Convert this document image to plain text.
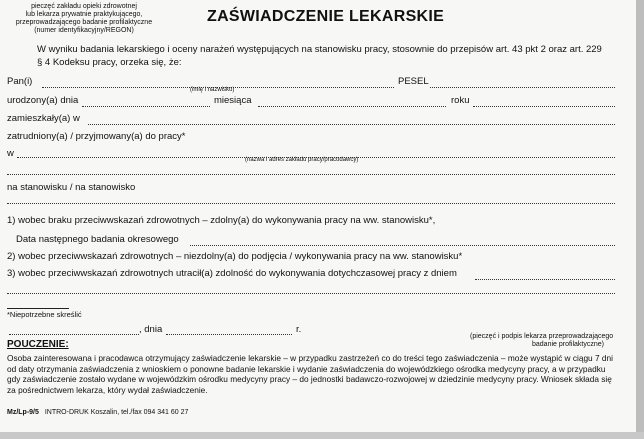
pieczęć zakładu opieki zdrowotnej
lub lekarza prywatnie praktykującego,
przeprowadzającego badanie profilaktyczne
(numer identyfikacyjny/REGON)
ZAŚWIADCZENIE LEKARSKIE
W wyniku badania lekarskiego i oceny narażeń występujących na stanowisku pracy, stosownie do przepisów art. 43 pkt 2 oraz art. 229 § 4 Kodeksu pracy, orzeka się, że:
Pan(i)	PESEL
(imię i nazwisko)
urodzony(a) dnia	miesiąca	roku
zamieszkały(a) w
zatrudniony(a) / przyjmowany(a) do pracy*
w
(nazwa i adres zakładu pracy/pracodawcy)
na stanowisku / na stanowisko
1) wobec braku przeciwwskazań zdrowotnych – zdolny(a) do wykonywania pracy na ww. stanowisku*,
Data następnego badania okresowego
2) wobec przeciwwskazań zdrowotnych – niezdolny(a) do podjęcia / wykonywania pracy na ww. stanowisku*
3) wobec przeciwwskazań zdrowotnych utracił(a) zdolność do wykonywania dotychczasowej pracy z dniem
*Niepotrzebne skreślić
, dnia	r.
(pieczęć i podpis lekarza przeprowadzającego
badanie profilaktyczne)
POUCZENIE:
Osoba zainteresowana i pracodawca otrzymujący zaświadczenie lekarskie – w przypadku zastrzeżeń co do treści tego zaświadczenia – może wystąpić w ciągu 7 dni od daty otrzymania zaświadczenia z wnioskiem o ponowne badanie lekarskie i wydanie zaświadczenia do wojewódzkiego ośrodka medycyny pracy, a w przypadku gdy zaświadczenie zostało wydane w wojewódzkim ośrodku medycyny pracy – do jednostki badawczo-rozwojowej w dziedzinie medycyny pracy. Wniosek składa się za pośrednictwem lekarza, który wydał zaświadczenie.
Mz/Lp-9/5 INTRO-DRUK Koszalin, tel./fax 094 341 60 27
